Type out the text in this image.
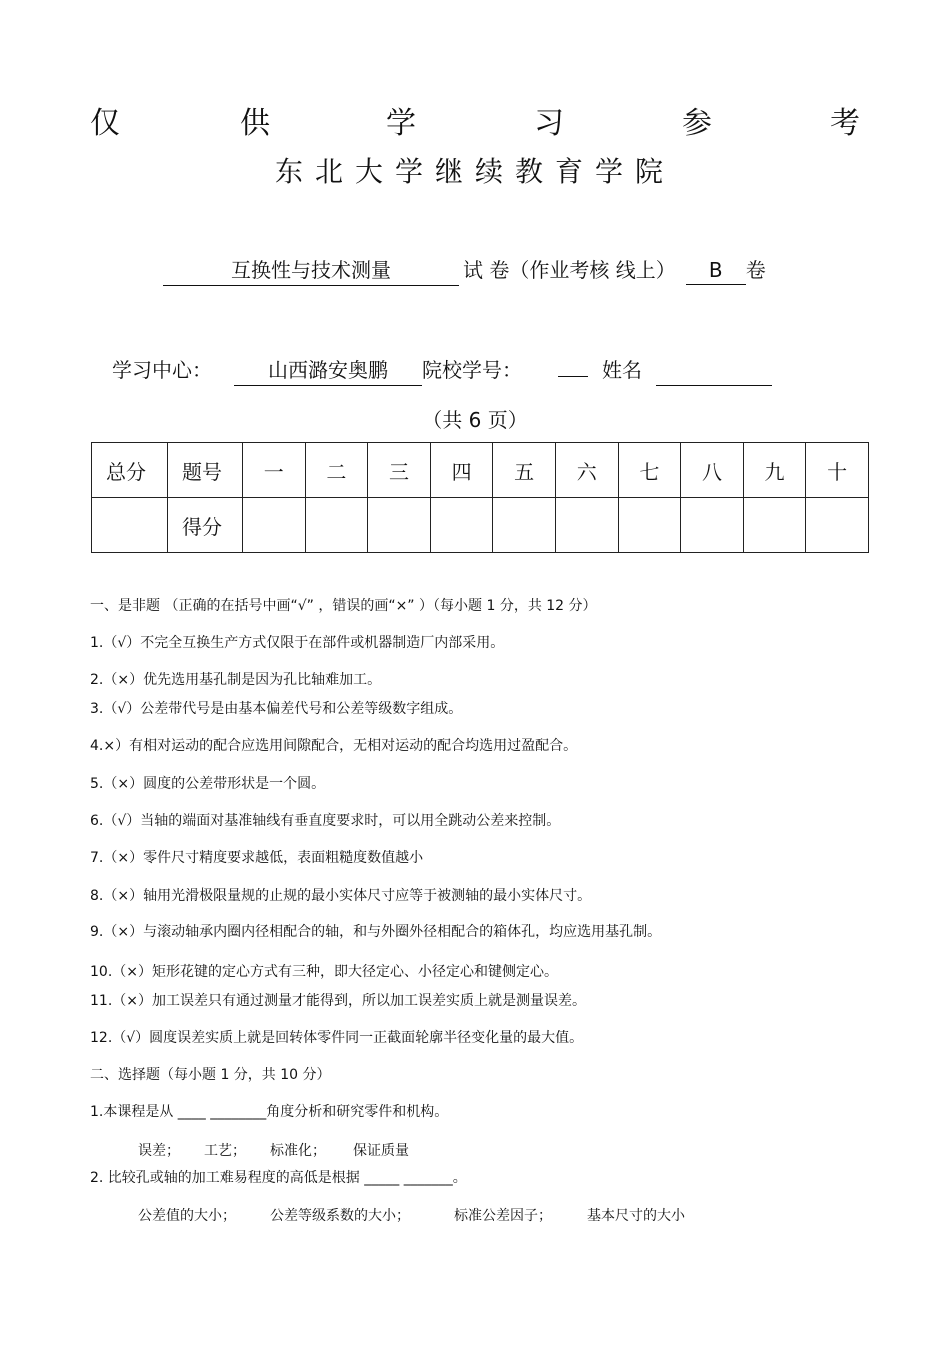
仅	供	学	习	参	考
东北大学继续教育学院
互换性与技术测量	试 卷（作业考核 线上） B 卷
学习中心：	山西潞安奥鹏 院校学号：	姓名
（共 6 页）
总分	题号	一	二	三	四	五	六	七	八	九	十
	得分										
一、是非题 （正确的在括号中画“√” ，错误的画“×” ）（每小题 1 分，共 12 分）
1.（√）不完全互换生产方式仅限于在部件或机器制造厂内部采用。
2.（×）优先选用基孔制是因为孔比轴难加工。
3.（√）公差带代号是由基本偏差代号和公差等级数字组成。
4.×）有相对运动的配合应选用间隙配合，无相对运动的配合均选用过盈配合。
5.（×）圆度的公差带形状是一个圆。
6.（√）当轴的端面对基准轴线有垂直度要求时，可以用全跳动公差来控制。
7.（×）零件尺寸精度要求越低，表面粗糙度数值越小
8.（×）轴用光滑极限量规的止规的最小实体尺寸应等于被测轴的最小实体尺寸。
9.（×）与滚动轴承内圈内径相配合的轴，和与外圈外径相配合的箱体孔，均应选用基孔制。
10.（×）矩形花键的定心方式有三种，即大径定心、小径定心和键侧定心。
11.（×）加工误差只有通过测量才能得到，所以加工误差实质上就是测量误差。
12.（√）圆度误差实质上就是回转体零件同一正截面轮廓半径变化量的最大值。
二、选择题（每小题 1 分，共 10 分）
1.本课程是从 ____ ________角度分析和研究零件和机构。
误差； 工艺； 标准化； 保证质量
2. 比较孔或轴的加工难易程度的高低是根据 _____ _______。
公差值的大小； 公差等级系数的大小；	标准公差因子；	基本尺寸的大小
